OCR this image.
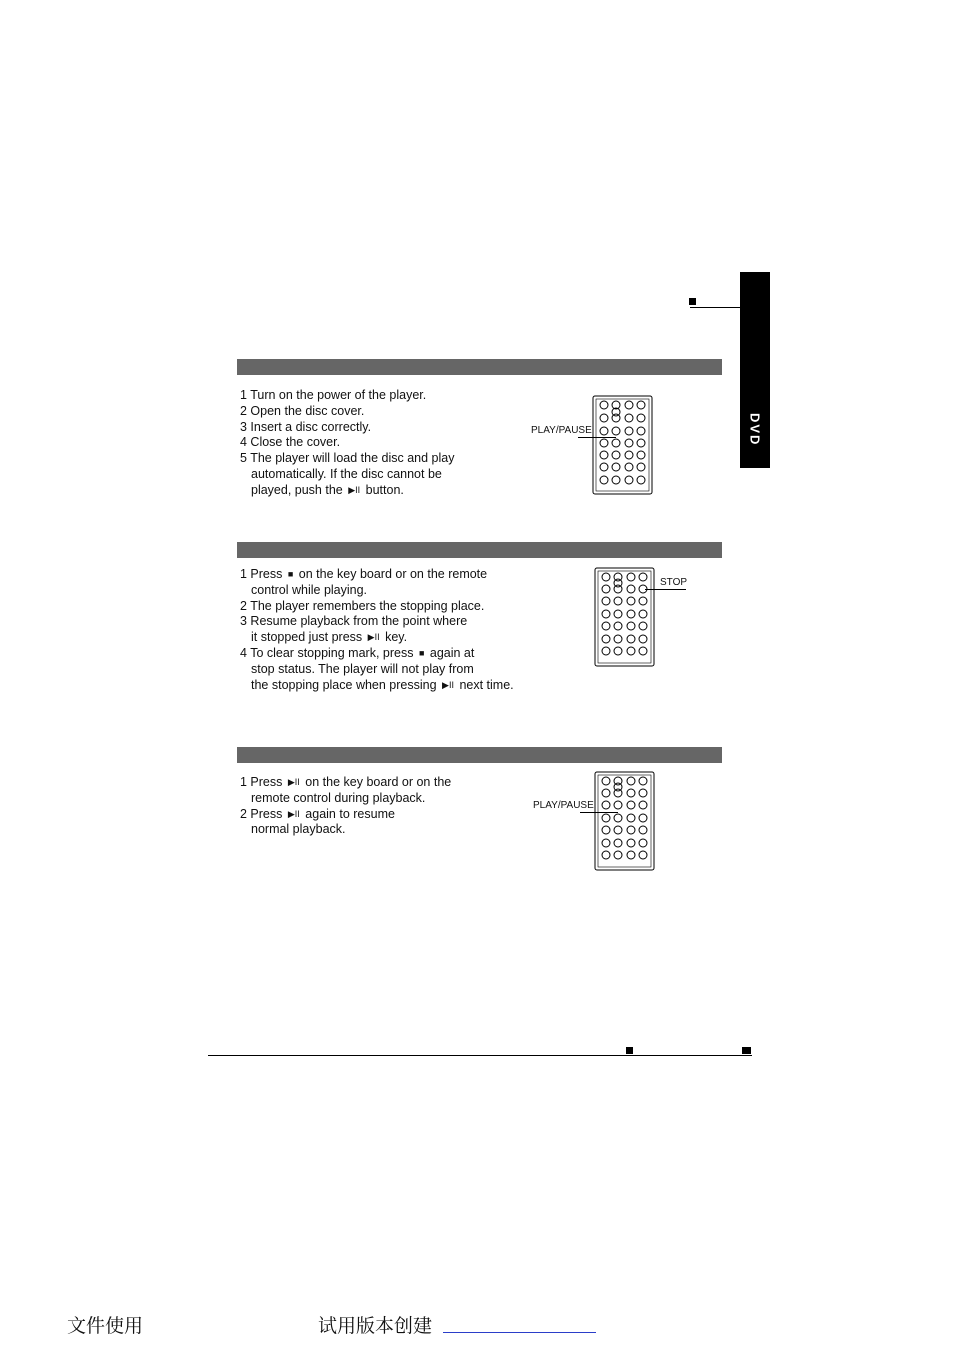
DVD
1 Turn on the power of the player.
2 Open the disc cover.
3 Insert a disc correctly.
4 Close the cover.
5 The player will load the disc and play
automatically. If the disc cannot be
played, push the ▶II button.
PLAY/PAUSE
1 Press ■ on the key board or on the remote
control while playing.
2 The player remembers the stopping place.
3 Resume playback from the point where
it stopped just press ▶II key.
4 To clear stopping mark, press ■ again at
stop status. The player will not play from
the stopping place when pressing ▶II next time.
STOP
1 Press ▶II on the key board or on the
remote control during playback.
2 Press ▶II again to resume
normal playback.
PLAY/PAUSE
文件使用	试用版本创建
